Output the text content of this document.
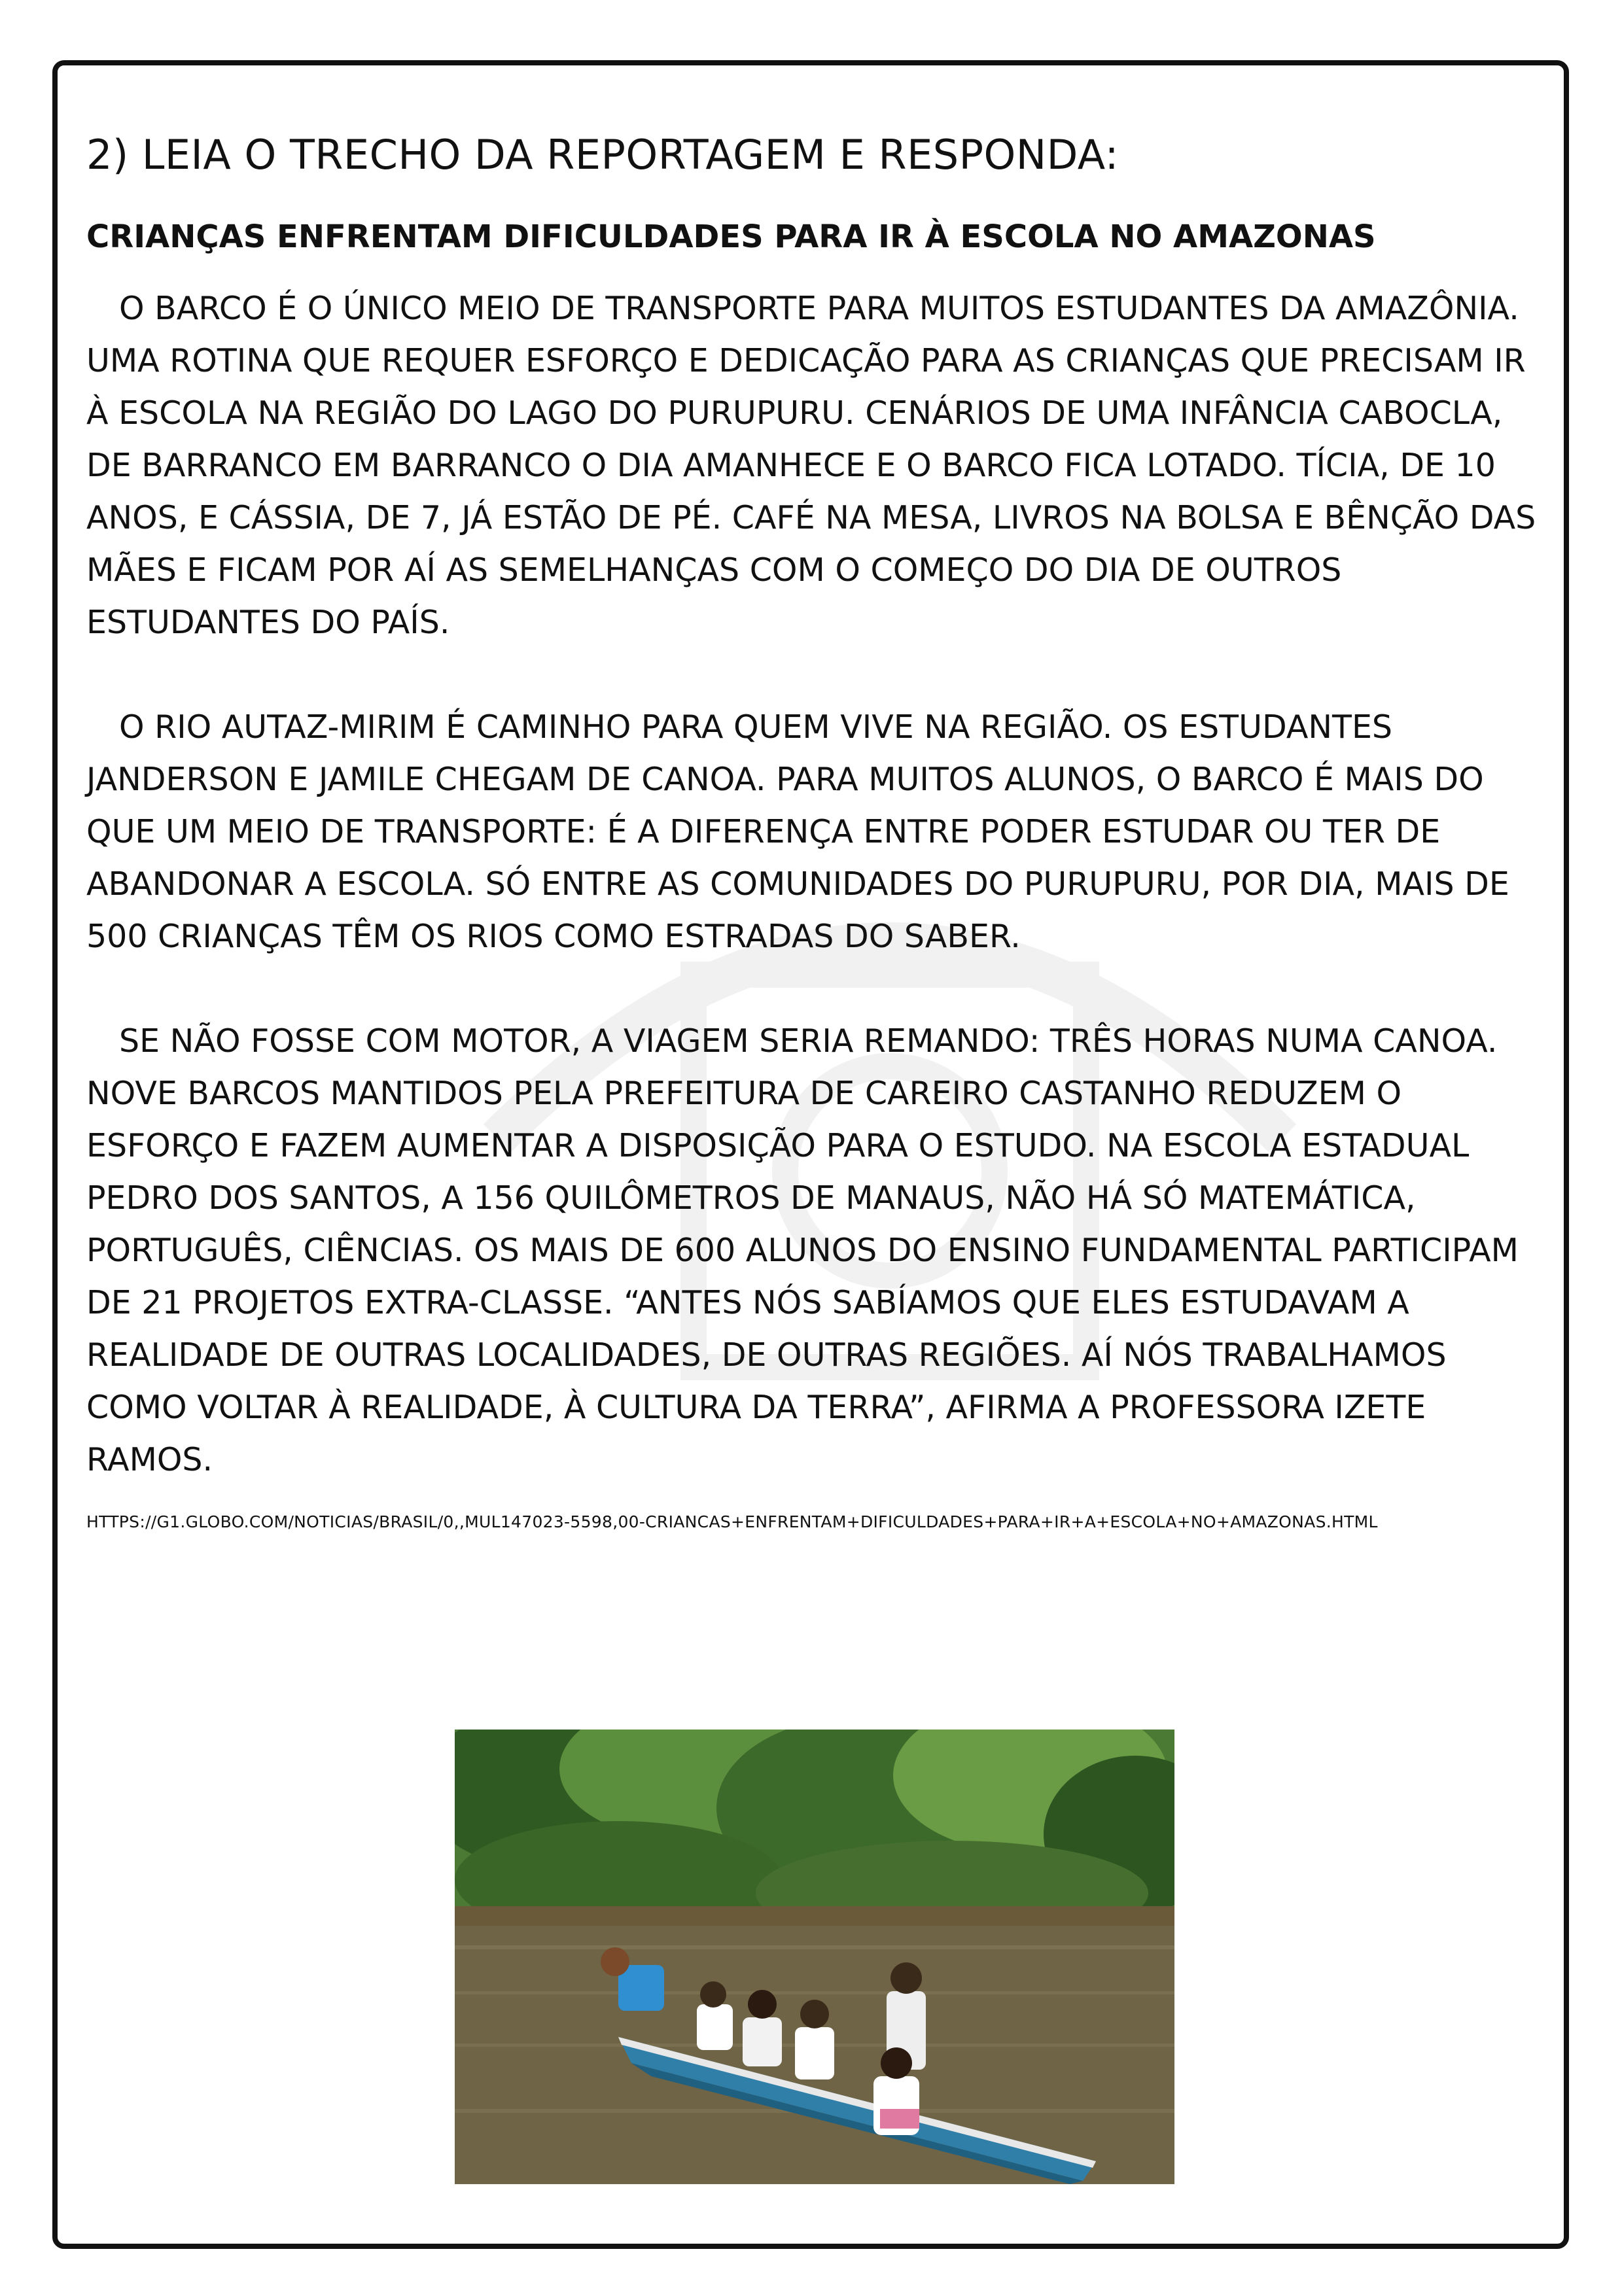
2) LEIA O TRECHO DA REPORTAGEM E RESPONDA:
CRIANÇAS ENFRENTAM DIFICULDADES PARA IR À ESCOLA NO AMAZONAS

O BARCO É O ÚNICO MEIO DE TRANSPORTE PARA MUITOS ESTUDANTES DA AMAZÔNIA. UMA ROTINA QUE REQUER ESFORÇO E DEDICAÇÃO PARA AS CRIANÇAS QUE PRECISAM IR À ESCOLA NA REGIÃO DO LAGO DO PURUPURU. CENÁRIOS DE UMA INFÂNCIA CABOCLA, DE BARRANCO EM BARRANCO O DIA AMANHECE E O BARCO FICA LOTADO. TÍCIA, DE 10 ANOS, E CÁSSIA, DE 7, JÁ ESTÃO DE PÉ. CAFÉ NA MESA, LIVROS NA BOLSA E BÊNÇÃO DAS MÃES E FICAM POR AÍ AS SEMELHANÇAS COM O COMEÇO DO DIA DE OUTROS ESTUDANTES DO PAÍS.

O RIO AUTAZ-MIRIM É CAMINHO PARA QUEM VIVE NA REGIÃO. OS ESTUDANTES JANDERSON E JAMILE CHEGAM DE CANOA. PARA MUITOS ALUNOS, O BARCO É MAIS DO QUE UM MEIO DE TRANSPORTE: É A DIFERENÇA ENTRE PODER ESTUDAR OU TER DE ABANDONAR A ESCOLA. SÓ ENTRE AS COMUNIDADES DO PURUPURU, POR DIA, MAIS DE 500 CRIANÇAS TÊM OS RIOS COMO ESTRADAS DO SABER.

SE NÃO FOSSE COM MOTOR, A VIAGEM SERIA REMANDO: TRÊS HORAS NUMA CANOA. NOVE BARCOS MANTIDOS PELA PREFEITURA DE CAREIRO CASTANHO REDUZEM O ESFORÇO E FAZEM AUMENTAR A DISPOSIÇÃO PARA O ESTUDO. NA ESCOLA ESTADUAL PEDRO DOS SANTOS, A 156 QUILÔMETROS DE MANAUS, NÃO HÁ SÓ MATEMÁTICA, PORTUGUÊS, CIÊNCIAS. OS MAIS DE 600 ALUNOS DO ENSINO FUNDAMENTAL PARTICIPAM DE 21 PROJETOS EXTRA-CLASSE. “ANTES NÓS SABÍAMOS QUE ELES ESTUDAVAM A REALIDADE DE OUTRAS LOCALIDADES, DE OUTRAS REGIÕES. AÍ NÓS TRABALHAMOS COMO VOLTAR À REALIDADE, À CULTURA DA TERRA”, AFIRMA A PROFESSORA IZETE RAMOS.

HTTPS://G1.GLOBO.COM/NOTICIAS/BRASIL/0,,MUL147023-5598,00-CRIANCAS+ENFRENTAM+DIFICULDADES+PARA+IR+A+ESCOLA+NO+AMAZONAS.HTML
